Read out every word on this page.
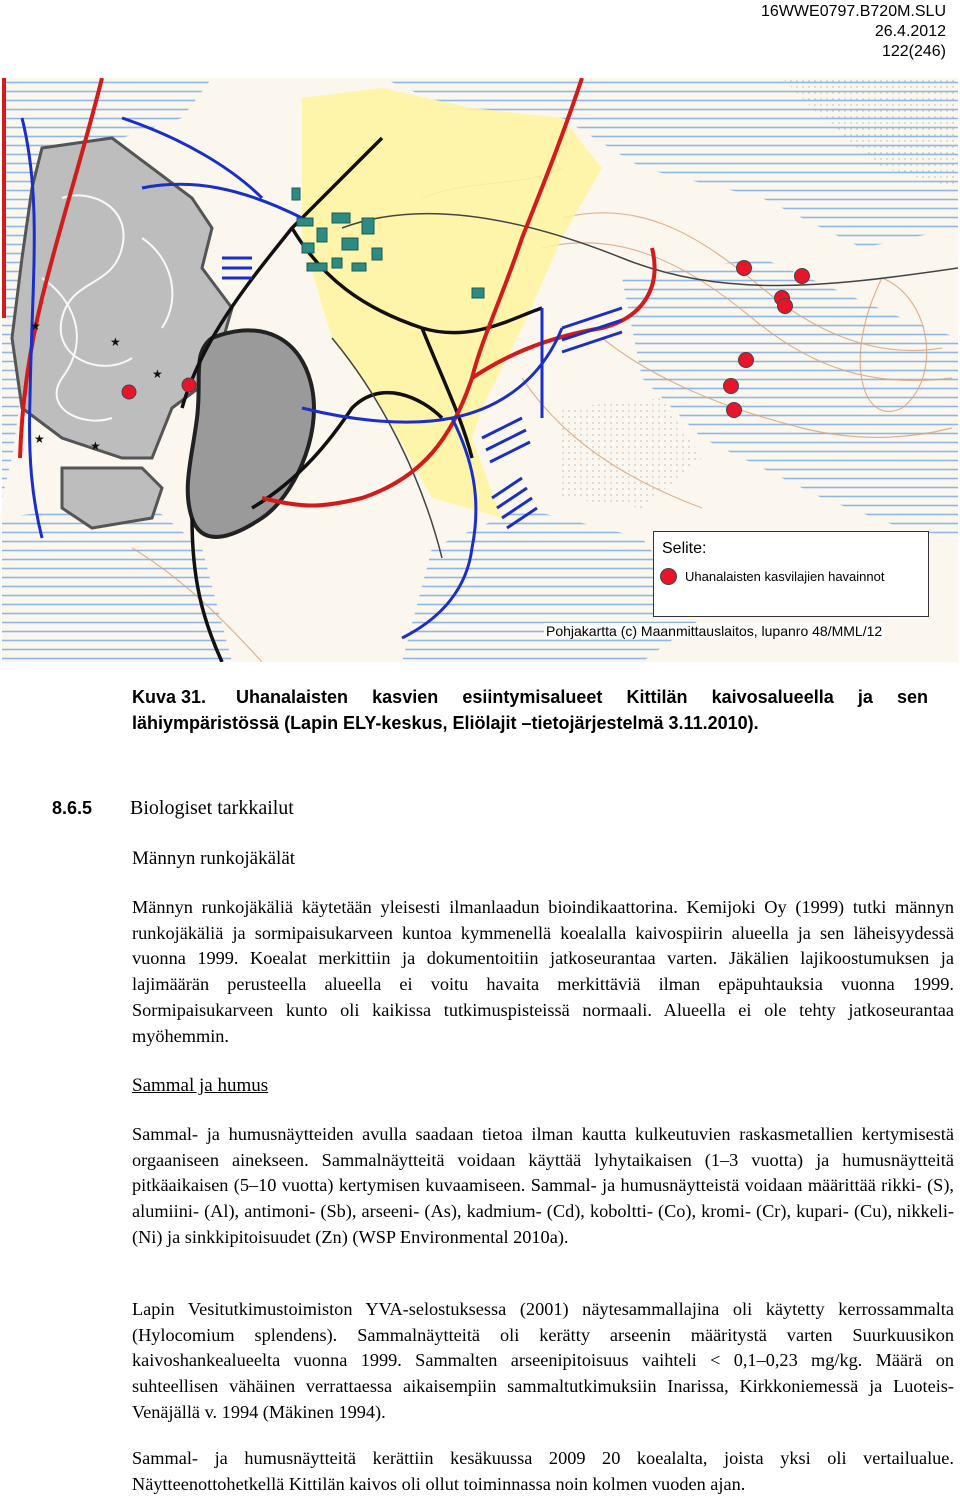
16WWE0797.B720M.SLU
26.4.2012
122(246)
★
★
★
★	★
Selite:
Uhanalaisten kasvilajien havainnot
Pohjakartta (c) Maanmittauslaitos, lupanro 48/MML/12
Kuva 31. Uhanalaisten kasvien esiintymisalueet Kittilän kaivosalueella ja sen lähiympäristössä (Lapin ELY-keskus, Eliölajit –tietojärjestelmä 3.11.2010).
8.6.5 Biologiset tarkkailut
Männyn runkojäkälät

Männyn runkojäkäliä käytetään yleisesti ilmanlaadun bioindikaattorina. Kemijoki Oy (1999) tutki männyn runkojäkäliä ja sormipaisukarveen kuntoa kymmenellä koealalla kaivospiirin alueella ja sen läheisyydessä vuonna 1999. Koealat merkittiin ja dokumentoitiin jatkoseurantaa varten. Jäkälien lajikoostumuksen ja lajimäärän perusteella alueella ei voitu havaita merkittäviä ilman epäpuhtauksia vuonna 1999. Sormipaisukarveen kunto oli kaikissa tutkimuspisteissä normaali. Alueella ei ole tehty jatkoseurantaa myöhemmin.

Sammal ja humus

Sammal- ja humusnäytteiden avulla saadaan tietoa ilman kautta kulkeutuvien raskasmetallien kertymisestä orgaaniseen ainekseen. Sammalnäytteitä voidaan käyttää lyhytaikaisen (1–3 vuotta) ja humusnäytteitä pitkäaikaisen (5–10 vuotta) kertymisen kuvaamiseen. Sammal- ja humusnäytteistä voidaan määrittää rikki- (S), alumiini- (Al), antimoni- (Sb), arseeni- (As), kadmium- (Cd), koboltti- (Co), kromi- (Cr), kupari- (Cu), nikkeli- (Ni) ja sinkkipitoisuudet (Zn) (WSP Environmental 2010a).

Lapin Vesitutkimustoimiston YVA-selostuksessa (2001) näytesammallajina oli käytetty kerrossammalta (Hylocomium splendens). Sammalnäytteitä oli kerätty arseenin määritystä varten Suurkuusikon kaivoshankealueelta vuonna 1999. Sammalten arseenipitoisuus vaihteli < 0,1–0,23 mg/kg. Määrä on suhteellisen vähäinen verrattaessa aikaisempiin sammaltutkimuksiin Inarissa, Kirkkoniemessä ja Luoteis-Venäjällä v. 1994 (Mäkinen 1994).

Sammal- ja humusnäytteitä kerättiin kesäkuussa 2009 20 koealalta, joista yksi oli vertailualue. Näytteenottohetkellä Kittilän kaivos oli ollut toiminnassa noin kolmen vuoden ajan.
